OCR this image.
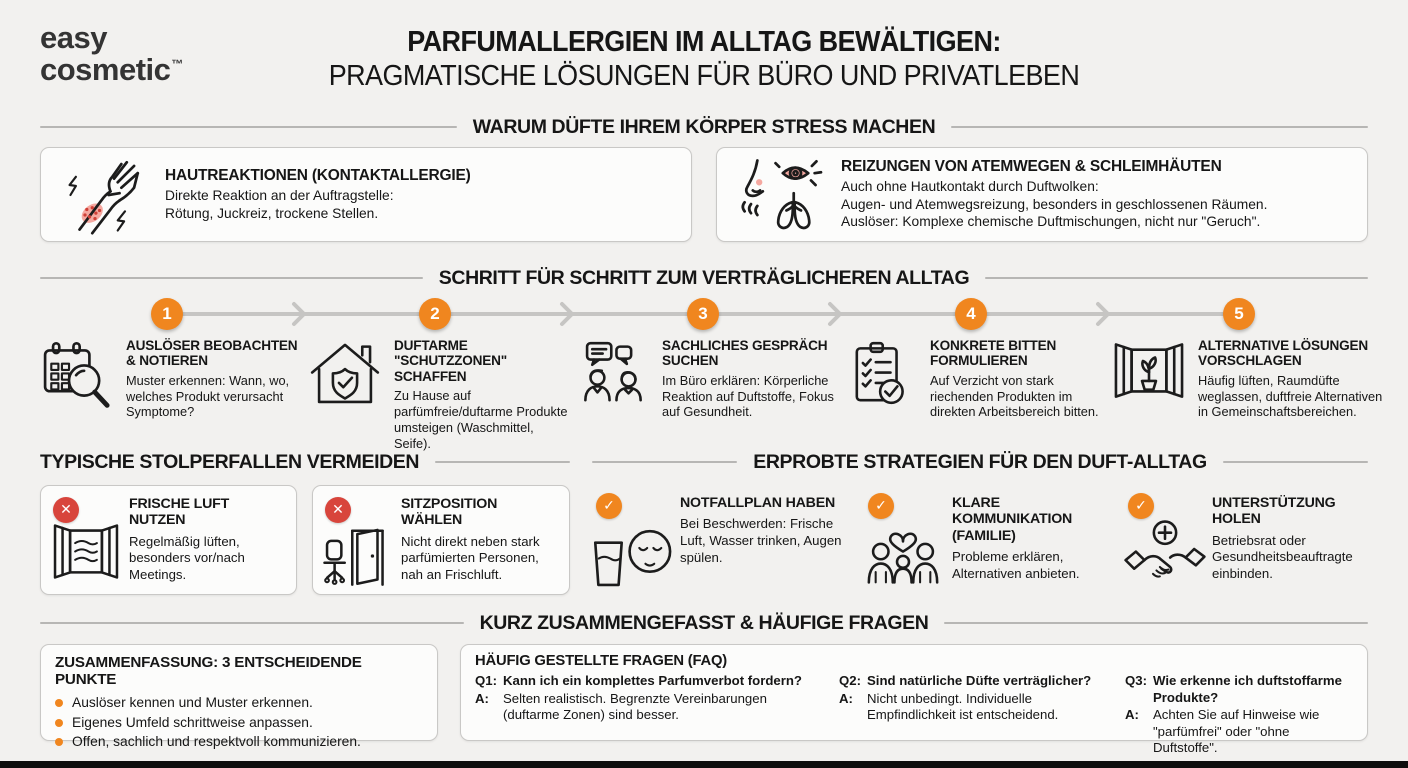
easy
cosmetic™
PARFUMALLERGIEN IM ALLTAG BEWÄLTIGEN:
PRAGMATISCHE LÖSUNGEN FÜR BÜRO UND PRIVATLEBEN
WARUM DÜFTE IHREM KÖRPER STRESS MACHEN
HAUTREAKTIONEN (KONTAKTALLERGIE)
Direkte Reaktion an der Auftragstelle:
Rötung, Juckreiz, trockene Stellen.
REIZUNGEN VON ATEMWEGEN & SCHLEIMHÄUTEN
Auch ohne Hautkontakt durch Duftwolken:
Augen- und Atemwegsreizung, besonders in geschlossenen Räumen.
Auslöser: Komplexe chemische Duftmischungen, nicht nur "Geruch".
SCHRITT FÜR SCHRITT ZUM VERTRÄGLICHEREN ALLTAG
1	2	3	4	5
AUSLÖSER BEOBACHTEN & NOTIEREN
Muster erkennen: Wann, wo, welches Produkt verursacht Symptome?
DUFTARME "SCHUTZZONEN" SCHAFFEN
Zu Hause auf parfümfreie/duftarme Produkte umsteigen (Waschmittel, Seife).
SACHLICHES GESPRÄCH SUCHEN
Im Büro erklären: Körperliche Reaktion auf Duftstoffe, Fokus auf Gesundheit.
KONKRETE BITTEN FORMULIEREN
Auf Verzicht von stark riechenden Produkten im direkten Arbeitsbereich bitten.
ALTERNATIVE LÖSUNGEN VORSCHLAGEN
Häufig lüften, Raumdüfte weglassen, duftfreie Alternativen in Gemeinschaftsbereichen.
TYPISCHE STOLPERFALLEN VERMEIDEN	ERPROBTE STRATEGIEN FÜR DEN DUFT-ALLTAG
✕	FRISCHE LUFT NUTZEN
Regelmäßig lüften, besonders vor/nach Meetings.
✕	SITZPOSITION WÄHLEN
Nicht direkt neben stark parfümierten Personen, nah an Frischluft.
✓	NOTFALLPLAN HABEN
Bei Beschwerden: Frische Luft, Wasser trinken, Augen spülen.
✓	KLARE KOMMUNIKATION (FAMILIE)
Probleme erklären, Alternativen anbieten.
✓	UNTERSTÜTZUNG HOLEN
Betriebsrat oder Gesundheitsbeauftragte einbinden.
KURZ ZUSAMMENGEFASST & HÄUFIGE FRAGEN
ZUSAMMENFASSUNG: 3 ENTSCHEIDENDE PUNKTE
Auslöser kennen und Muster erkennen.
Eigenes Umfeld schrittweise anpassen.
Offen, sachlich und respektvoll kommunizieren.
HÄUFIG GESTELLTE FRAGEN (FAQ)
Q1: Kann ich ein komplettes Parfumverbot fordern?
A:	Selten realistisch. Begrenzte Vereinbarungen (duftarme Zonen) sind besser.
Q2: Sind natürliche Düfte verträglicher?
A:	Nicht unbedingt. Individuelle Empfindlichkeit ist entscheidend.
Q3: Wie erkenne ich duftstoffarme Produkte?
A:	Achten Sie auf Hinweise wie "parfümfrei" oder "ohne Duftstoffe".
